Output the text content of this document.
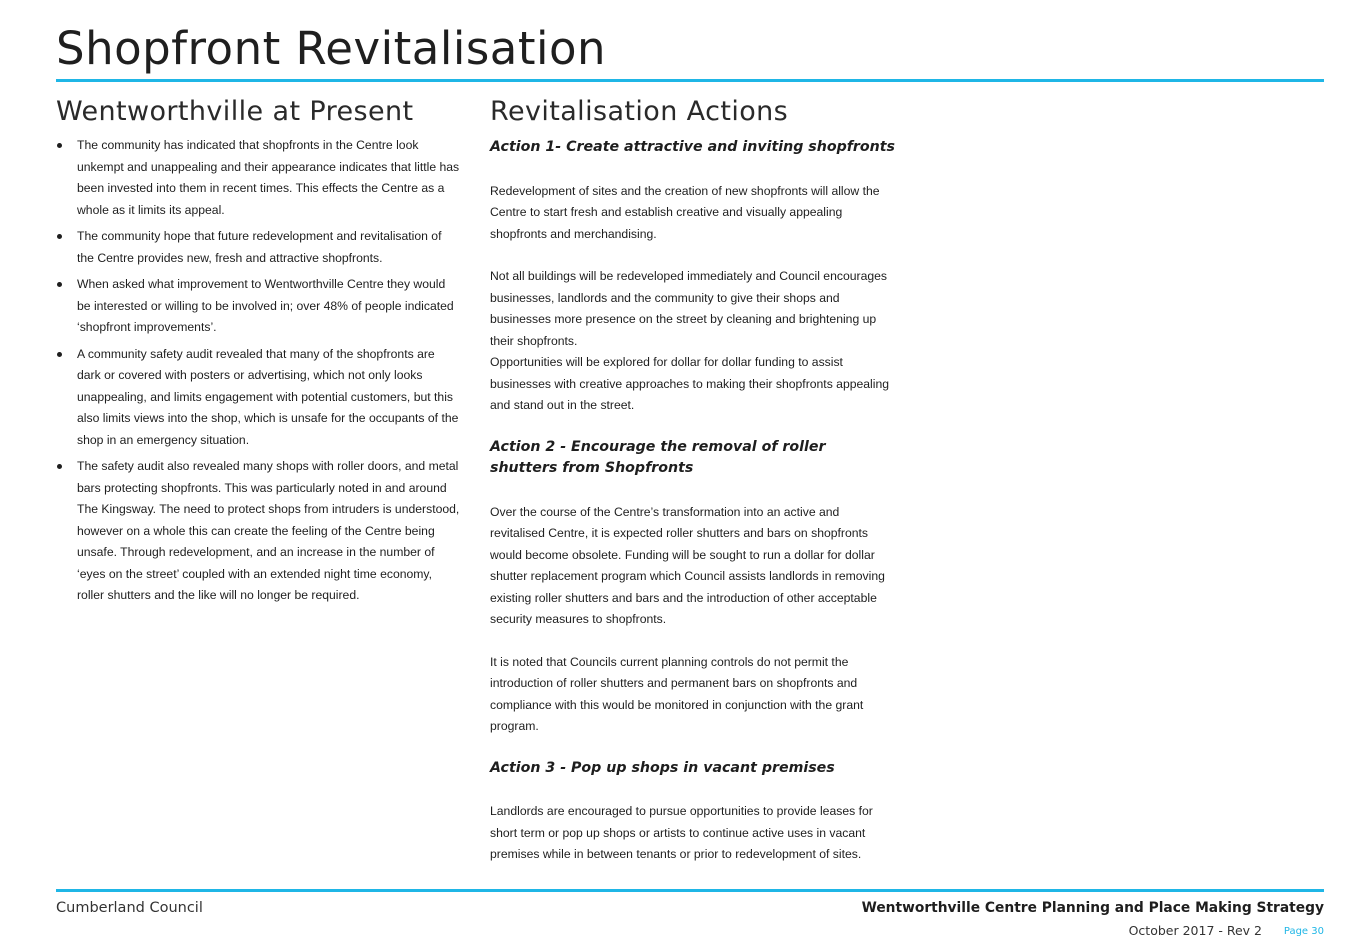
Shopfront Revitalisation
Wentworthville at Present
The community has indicated that shopfronts in the Centre look unkempt and unappealing and their appearance indicates that little has been invested into them in recent times. This effects the Centre as a whole as it limits its appeal.
The community hope that future redevelopment and revitalisation of the Centre provides new, fresh and attractive shopfronts.
When asked what improvement to Wentworthville Centre they would be interested or willing to be involved in; over 48% of people indicated ‘shopfront improvements’.
A community safety audit revealed that many of the shopfronts are dark or covered with posters or advertising, which not only looks unappealing, and limits engagement with potential customers, but this also limits views into the shop, which is unsafe for the occupants of the shop in an emergency situation.
The safety audit also revealed many shops with roller doors, and metal bars protecting shopfronts. This was particularly noted in and around The Kingsway. The need to protect shops from intruders is understood, however on a whole this can create the feeling of the Centre being unsafe. Through redevelopment, and an increase in the number of ‘eyes on the street’ coupled with an extended night time economy, roller shutters and the like will no longer be required.
Revitalisation Actions

Action 1- Create attractive and inviting shopfronts

Redevelopment of sites and the creation of new shopfronts will allow the Centre to start fresh and establish creative and visually appealing shopfronts and merchandising.

Not all buildings will be redeveloped immediately and Council encourages businesses, landlords and the community to give their shops and businesses more presence on the street by cleaning and brightening up their shopfronts.

Opportunities will be explored for dollar for dollar funding to assist businesses with creative approaches to making their shopfronts appealing and stand out in the street.

Action 2 - Encourage the removal of roller shutters from Shopfronts

Over the course of the Centre’s transformation into an active and revitalised Centre, it is expected roller shutters and bars on shopfronts would become obsolete. Funding will be sought to run a dollar for dollar shutter replacement program which Council assists landlords in removing existing roller shutters and bars and the introduction of other acceptable security measures to shopfronts.

It is noted that Councils current planning controls do not permit the introduction of roller shutters and permanent bars on shopfronts and compliance with this would be monitored in conjunction with the grant program.

Action 3 - Pop up shops in vacant premises

Landlords are encouraged to pursue opportunities to provide leases for short term or pop up shops or artists to continue active uses in vacant premises while in between tenants or prior to redevelopment of sites.

Cumberland Council	Wentworthville Centre Planning and Place Making Strategy
October 2017 - Rev 2 Page 30
